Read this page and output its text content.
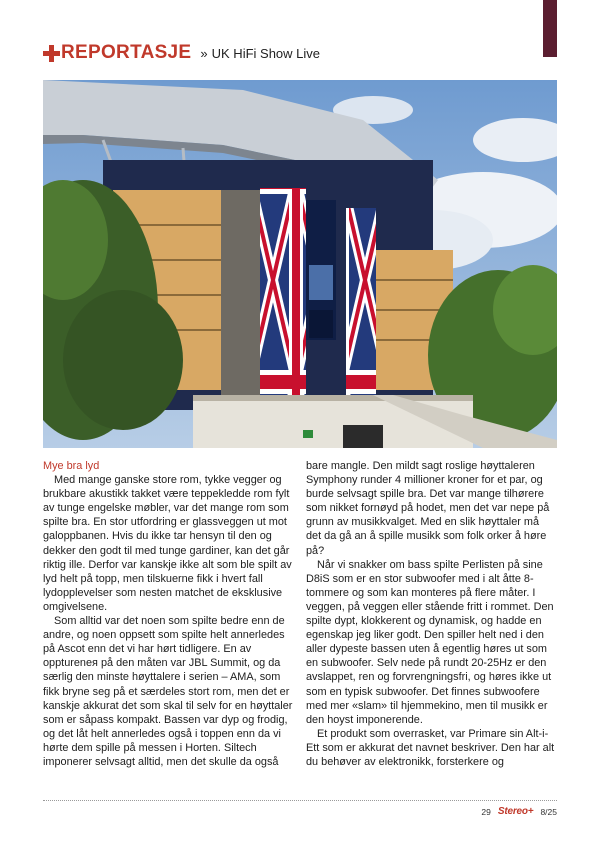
REPORTASJE » UK HiFi Show Live

Mye bra lyd

Med mange ganske store rom, tykke vegger og brukbare akustikk takket være teppekledde rom fylt av tunge engelske møbler, var det mange rom som spilte bra. En stor utfordring er glassveggen ut mot galoppbanen. Hvis du ikke tar hensyn til den og dekker den godt til med tunge gardiner, kan det går riktig ille. Derfor var kanskje ikke alt som ble spilt av lyd helt på topp, men tilskuerne fikk i hvert fall lydopplevelser som nesten matchet de eksklusive omgivelsene.

Som alltid var det noen som spilte bedre enn de andre, og noen oppsett som spilte helt annerledes på Ascot enn det vi har hørt tidligere. En av opptureneя på den måten var JBL Summit, og da særlig den minste høyttalere i serien – AMA, som fikk bryne seg på et særdeles stort rom, men det er kanskje akkurat det som skal til selv for en høyttaler som er såpass kompakt. Bassen var dyp og frodig, og det låt helt annerledes også i toppen enn da vi hørte dem spille på messen i Horten. Siltech imponerer selvsagt alltid, men det skulle da også

bare mangle. Den mildt sagt roslige høyttaleren Symphony runder 4 millioner kroner for et par, og burde selvsagt spille bra. Det var mange tilhørere som nikket fornøyd på hodet, men det var nepe på grunn av musikkvalget. Med en slik høyttaler må det da gå an å spille musikk som folk orker å høre på?

Når vi snakker om bass spilte Perlisten på sine D8iS som er en stor subwoofer med i alt åtte 8-tommere og som kan monteres på flere måter. I veggen, på veggen eller stående fritt i rommet. Den spilte dypt, klokkerent og dynamisk, og hadde en egenskap jeg liker godt. Den spiller helt ned i den aller dypeste bassen uten å egentlig høres ut som en subwoofer. Selv nede på rundt 20-25Hz er den avslappet, ren og forvrengningsfri, og høres ikke ut som en typisk subwoofer. Det finnes subwoofere med mer «slam» til hjemmekino, men til musikk er den hoyst imponerende.

Et produkt som overrasket, var Primare sin Alt-i-Ett som er akkurat det navnet beskriver. Den har alt du behøver av elektronikk, forsterkere og

29 Stereo+ 8/25
